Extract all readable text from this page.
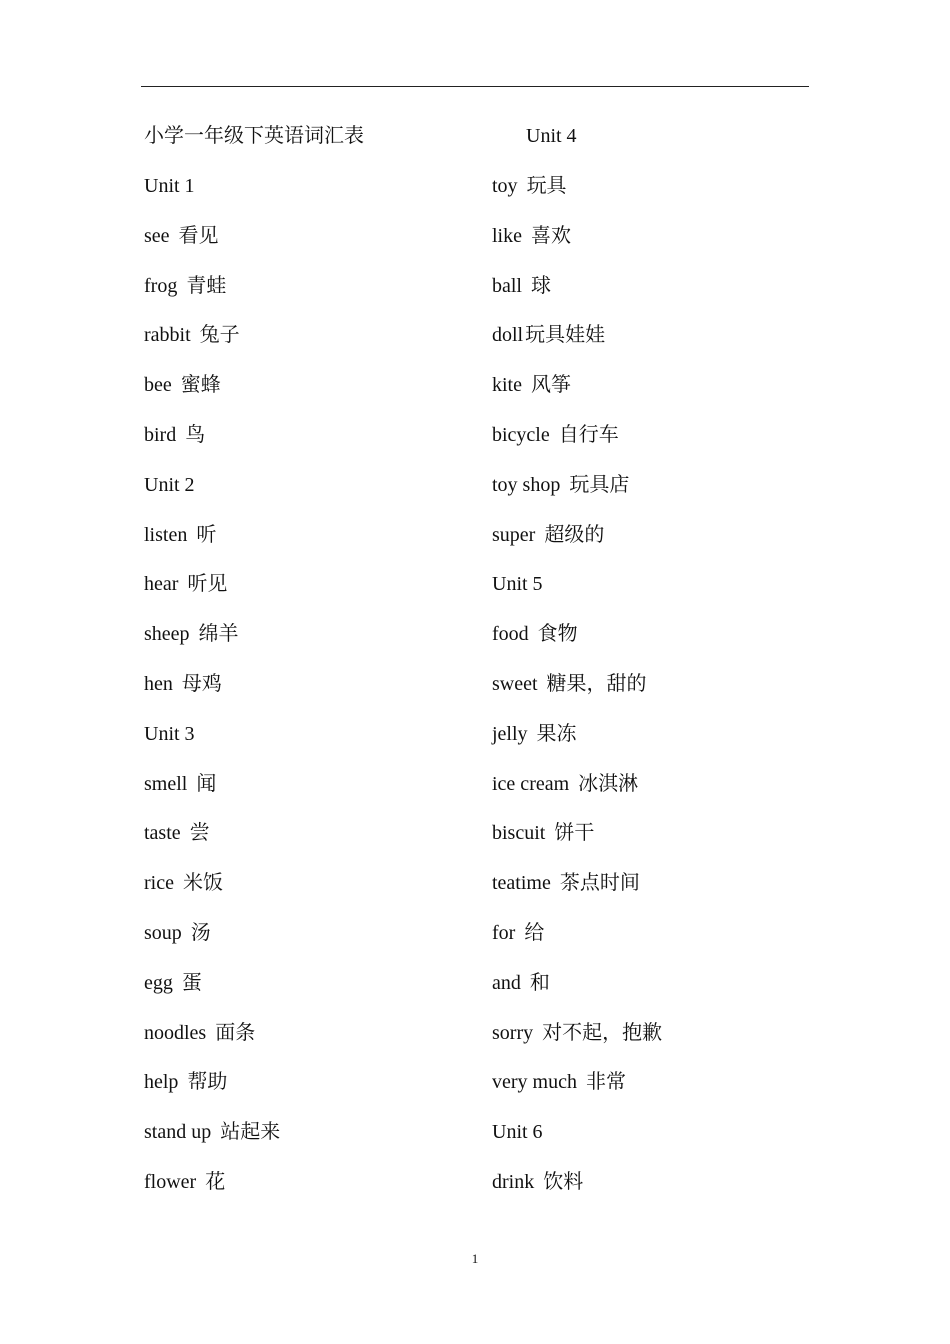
小学一年级下英语词汇表	Unit 4
Unit 1
see 看见
frog 青蛙
rabbit 兔子
bee 蜜蜂
bird 鸟
Unit 2
listen 听
hear 听见
sheep 绵羊
hen 母鸡
Unit 3
smell 闻
taste 尝
rice 米饭
soup 汤
egg 蛋
noodles 面条
help 帮助
stand up 站起来
flower 花
toy 玩具
like 喜欢
ball 球
doll 玩具娃娃
kite 风筝
bicycle 自行车
toy shop 玩具店
super 超级的
Unit 5
food 食物
sweet 糖果，甜的
jelly 果冻
ice cream 冰淇淋
biscuit 饼干
teatime 茶点时间
for 给
and 和
sorry 对不起，抱歉
very much 非常
Unit 6
drink 饮料
1
